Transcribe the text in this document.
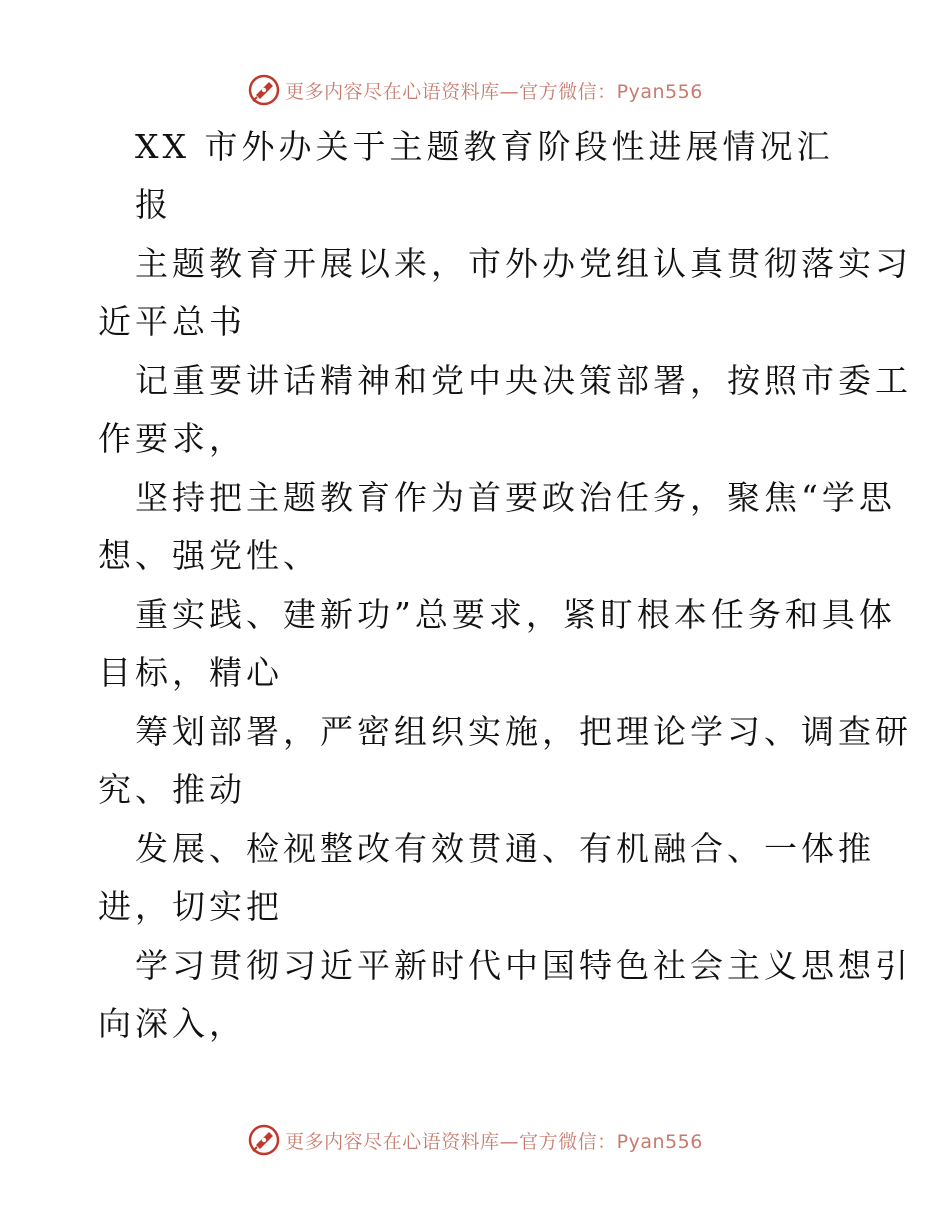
更多内容尽在心语资料库—官方微信：Pyan556
XX 市外办关于主题教育阶段性进展情况汇
报
主题教育开展以来，市外办党组认真贯彻落实习
近平总书
记重要讲话精神和党中央决策部署，按照市委工
作要求，
坚持把主题教育作为首要政治任务，聚焦“学思
想、强党性、
重实践、建新功”总要求，紧盯根本任务和具体
目标，精心
筹划部署，严密组织实施，把理论学习、调查研
究、推动
发展、检视整改有效贯通、有机融合、一体推
进，切实把
学习贯彻习近平新时代中国特色社会主义思想引
向深入，
更多内容尽在心语资料库—官方微信：Pyan556
